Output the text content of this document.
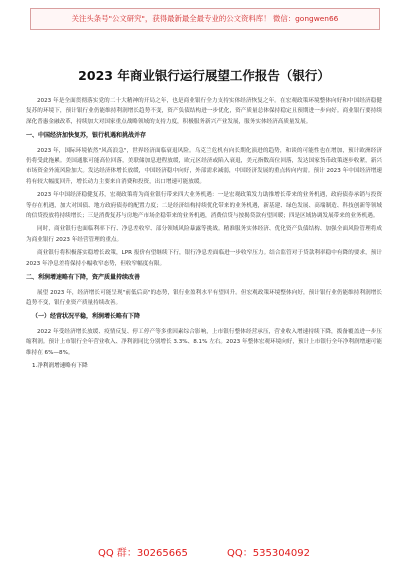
关注头条号"公文研究"，获得最新最全最专业的公文资料库！ 微信：gongwen66
2023 年商业银行运行展望工作报告（银行）

2023 年是全面贯彻落实党的二十大精神的开局之年，也是商业银行全力支持实体经济恢复之年。在宏观政策环境整体向好和中国经济稳健复苏的环境下，预计银行业仍能维持利润增长趋势不变，资产负债结构进一步优化，资产质量总体保持稳定且预期进一步向好。商业银行要持续深化普惠金融改革，持续加大对国家重点战略领域的支持力度，积极服务新兴产业发展，服务实体经济高质量发展。

一、中国经济加快复苏，银行机遇和挑战并存

2023 年，国际环境依然"风高浪急"，世界经济面临衰退风险。乌克兰危机有向长期化演进的趋势，和谈的可能性也在增加，预计欧洲经济仍将受此拖累。美国通胀可能高位回落，美联储加息进程放缓，欧元区经济或陷入衰退，美元指数高位回落，发达国家货币政策逐步收紧，新兴市场资金外流风险加大。发达经济体增长放缓，中国经济稳中向好，外部需求减弱，中国经济发展的重点转向内需。预计 2023 年中国经济增速将有较大幅度回升，增长动力主要来自消费和投资，出口增速可能放缓。

2023 年中国经济稳健复苏，宏观政策将为商业银行带来四大业务机遇：一是宏观政策发力助推增长带来的业务机遇，政府债券承销与投资等存在机遇，加大对国债、地方政府债券的配置力度；二是经济结构持续优化带来的业务机遇，新基建、绿色发展、高端制造、科技创新等领域的信贷投放将持续增长；三是消费复苏与房地产市场企稳带来的业务机遇，消费信贷与按揭贷款有望回暖；四是区域协调发展带来的业务机遇。

同时，商业银行也面临利率下行、净息差收窄、部分领域风险暴露等挑战。精准服务实体经济、优化资产负债结构、加强全面风险管理将成为商业银行 2023 年经营管理的重点。

商业银行将积极落实稳增长政策，LPR 报价有望继续下行，银行净息差面临进一步收窄压力。结合监管对于贷款利率稳中有降的要求，预计 2023 年净息差将保持小幅收窄态势，但收窄幅度有限。

二、利润增速略有下降，资产质量持续改善

展望 2023 年，经济增长可能呈现"前低后高"的态势，银行业盈利水平有望回升。但宏观政策环境整体向好，预计银行业仍能维持利润增长趋势不变，银行业资产质量持续改善。

（一）经营状况平稳，利润增长略有下降

2022 年受经济增长放缓、疫情反复、停工停产等多重因素综合影响，上市银行整体经营承压，营业收入增速持续下降，拨备覆盖进一步压缩利润。预计上市银行全年营业收入、净利润同比分别增长 3.3%、8.1% 左右。2023 年整体宏观环境向好，预计上市银行全年净利润增速可能维持在 6%—8%。

1.净利润增速略有下降
QQ 群：30265665	QQ：535304092
